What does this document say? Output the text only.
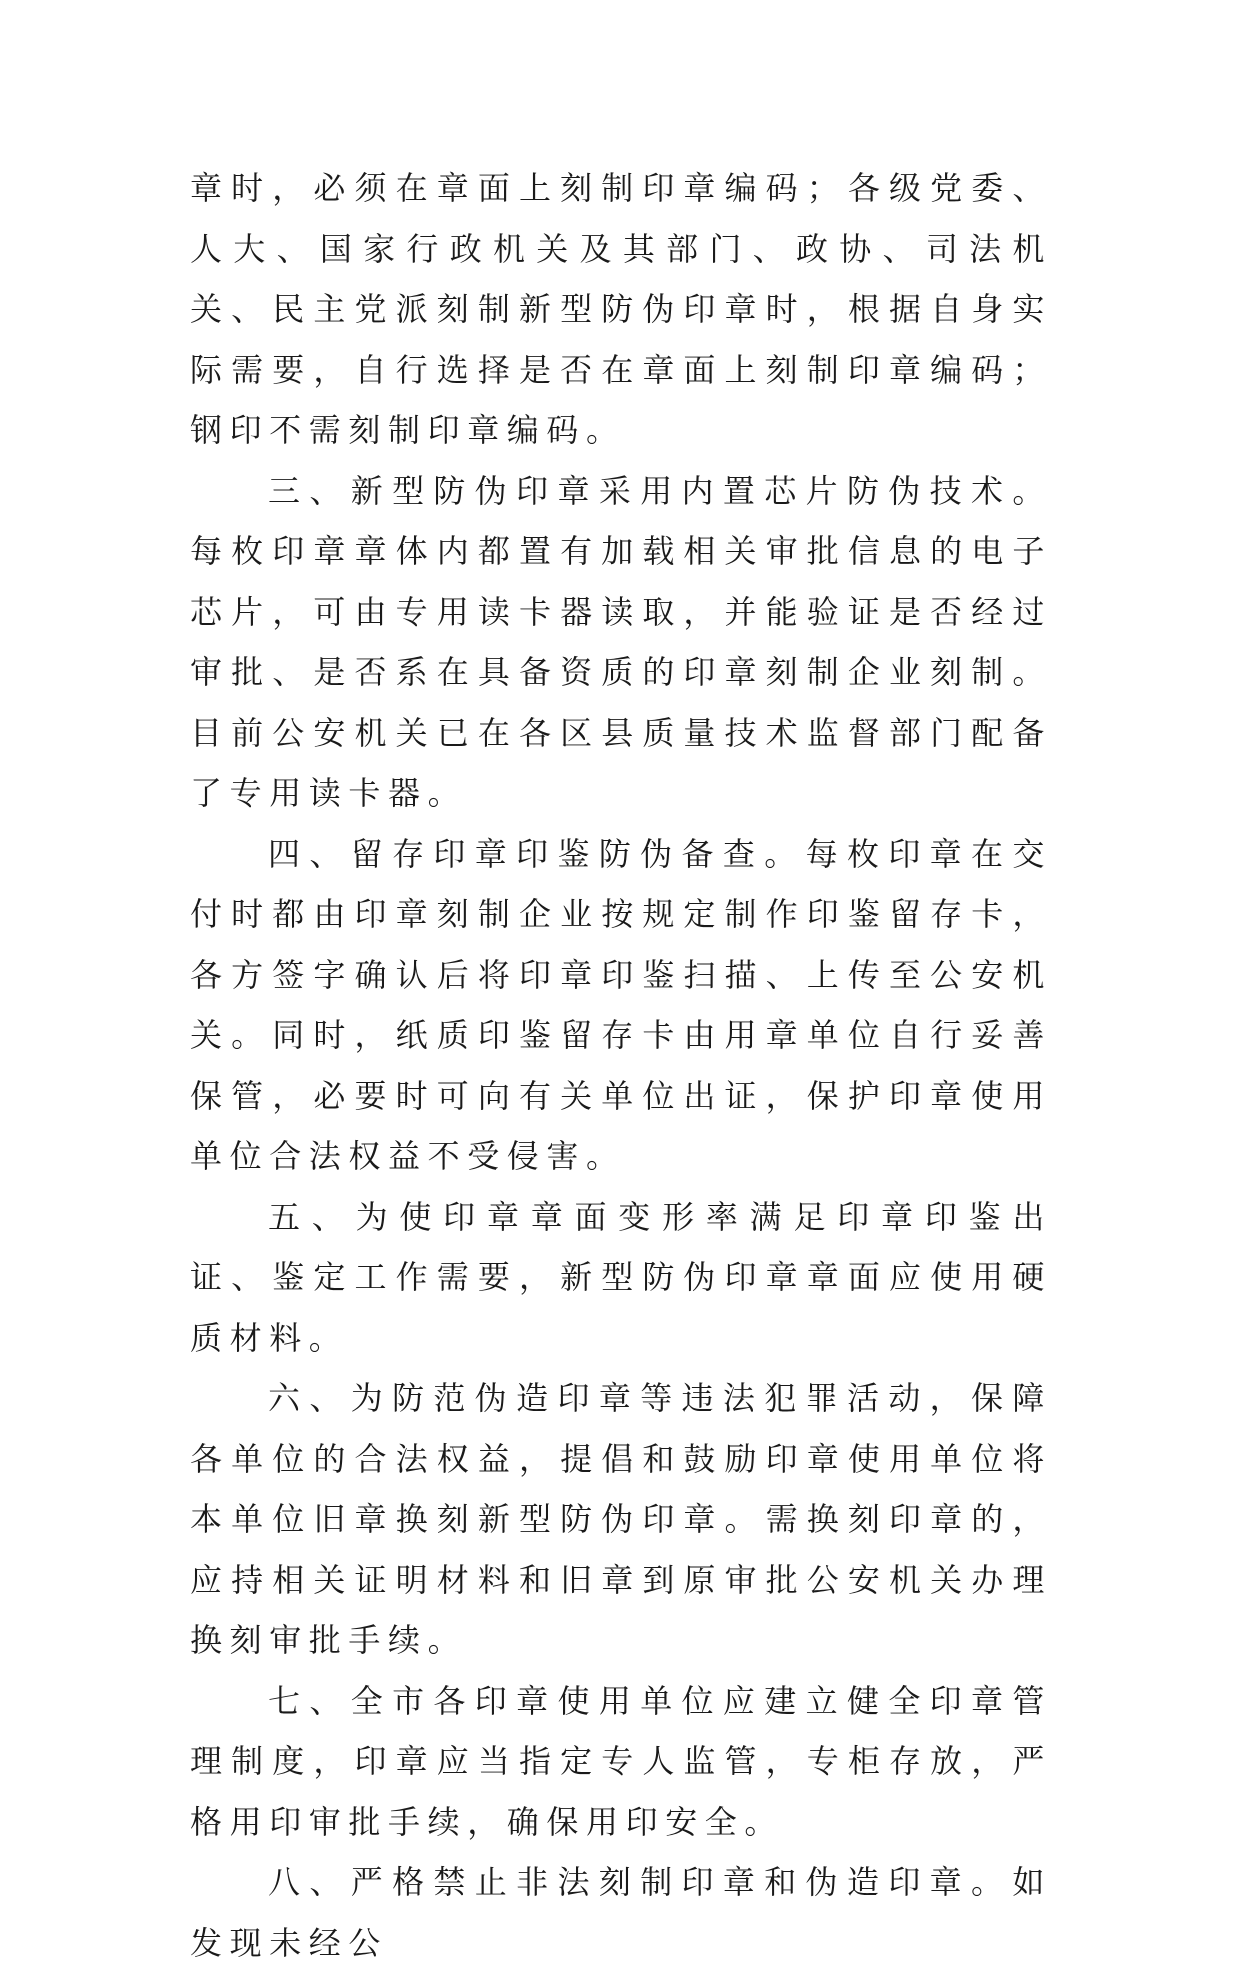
章时，必须在章面上刻制印章编码；各级党委、人大、国家行政机关及其部门、政协、司法机关、民主党派刻制新型防伪印章时，根据自身实际需要，自行选择是否在章面上刻制印章编码；钢印不需刻制印章编码。

三、新型防伪印章采用内置芯片防伪技术。每枚印章章体内都置有加载相关审批信息的电子芯片，可由专用读卡器读取，并能验证是否经过审批、是否系在具备资质的印章刻制企业刻制。目前公安机关已在各区县质量技术监督部门配备了专用读卡器。

四、留存印章印鉴防伪备查。每枚印章在交付时都由印章刻制企业按规定制作印鉴留存卡，各方签字确认后将印章印鉴扫描、上传至公安机关。同时，纸质印鉴留存卡由用章单位自行妥善保管，必要时可向有关单位出证，保护印章使用单位合法权益不受侵害。

五、为使印章章面变形率满足印章印鉴出证、鉴定工作需要，新型防伪印章章面应使用硬质材料。

六、为防范伪造印章等违法犯罪活动，保障各单位的合法权益，提倡和鼓励印章使用单位将本单位旧章换刻新型防伪印章。需换刻印章的，应持相关证明材料和旧章到原审批公安机关办理换刻审批手续。

七、全市各印章使用单位应建立健全印章管理制度，印章应当指定专人监管，专柜存放，严格用印审批手续，确保用印安全。

八、严格禁止非法刻制印章和伪造印章。如发现未经公
